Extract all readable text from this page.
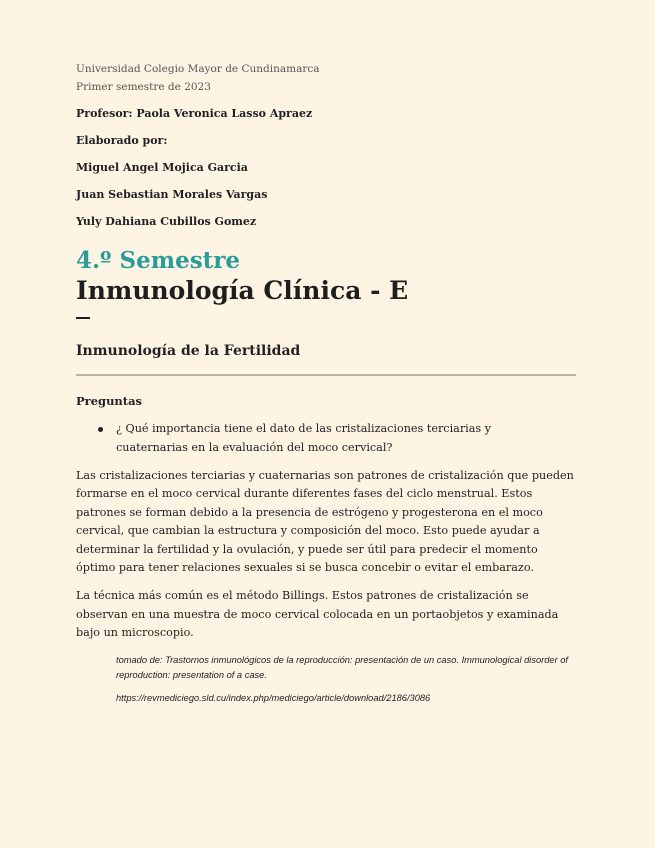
Universidad Colegio Mayor de Cundinamarca
Primer semestre de 2023
Profesor: Paola Veronica Lasso Apraez
Elaborado por:
Miguel Angel Mojica Garcia
Juan Sebastian Morales Vargas
Yuly Dahiana Cubillos Gomez
4.º Semestre
Inmunología Clínica - E
Inmunología de la Fertilidad
Preguntas
¿ Qué importancia tiene el dato de las cristalizaciones terciarias y cuaternarias en la evaluación del moco cervical?
Las cristalizaciones terciarias y cuaternarias son patrones de cristalización que pueden formarse en el moco cervical durante diferentes fases del ciclo menstrual. Estos patrones se forman debido a la presencia de estrógeno y progesterona en el moco cervical, que cambian la estructura y composición del moco. Esto puede ayudar a determinar la fertilidad y la ovulación, y puede ser útil para predecir el momento óptimo para tener relaciones sexuales si se busca concebir o evitar el embarazo.
La técnica más común es el método Billings. Estos patrones de cristalización se observan en una muestra de moco cervical colocada en un portaobjetos y examinada bajo un microscopio.
tomado de: Trastornos inmunológicos de la reproducción: presentación de un caso. Immunological disorder of reproduction: presentation of a case.
https://revmediciego.sld.cu/index.php/mediciego/article/download/2186/3086
